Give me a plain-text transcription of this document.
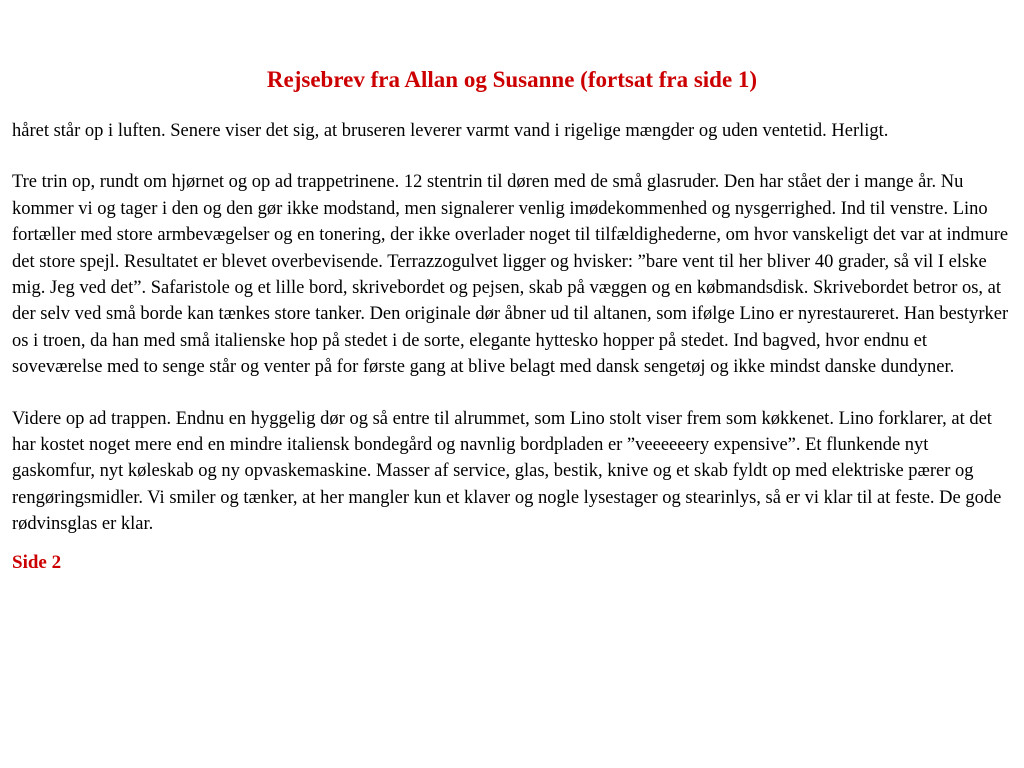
Rejsebrev fra Allan og Susanne (fortsat fra side 1)

håret står op i luften. Senere viser det sig, at bruseren leverer varmt vand i rigelige mængder og uden ventetid. Herligt.

Tre trin op, rundt om hjørnet og op ad trappetrinene. 12 stentrin til døren med de små glasruder. Den har stået der i mange år. Nu kommer vi og tager i den og den gør ikke modstand, men signalerer venlig imødekommenhed og nysgerrighed. Ind til venstre. Lino fortæller med store armbevægelser og en tonering, der ikke overlader noget til tilfældighederne, om hvor vanskeligt det var at indmure det store spejl. Resultatet er blevet overbevisende. Terrazzogulvet ligger og hvisker: ”bare vent til her bliver 40 grader, så vil I elske mig. Jeg ved det”. Safaristole og et lille bord, skrivebordet og pejsen, skab på væggen og en købmandsdisk. Skrivebordet betror os, at der selv ved små borde kan tænkes store tanker. Den originale dør åbner ud til altanen, som ifølge Lino er nyrestaureret. Han bestyrker os i troen, da han med små italienske hop på stedet i de sorte, elegante hyttesko hopper på stedet. Ind bagved, hvor endnu et soveværelse med to senge står og venter på for første gang at blive belagt med dansk sengetøj og ikke mindst danske dundyner.

Videre op ad trappen. Endnu en hyggelig dør og så entre til alrummet, som Lino stolt viser frem som køkkenet. Lino forklarer, at det har kostet noget mere end en mindre italiensk bondegård og navnlig bordpladen er ”veeeeeery expensive”. Et flunkende nyt gaskomfur, nyt køleskab og ny opvaskemaskine. Masser af service, glas, bestik, knive og et skab fyldt op med elektriske pærer og rengøringsmidler. Vi smiler og tænker, at her mangler kun et klaver og nogle lysestager og stearinlys, så er vi klar til at feste. De gode rødvinsglas er klar.

Side 2
